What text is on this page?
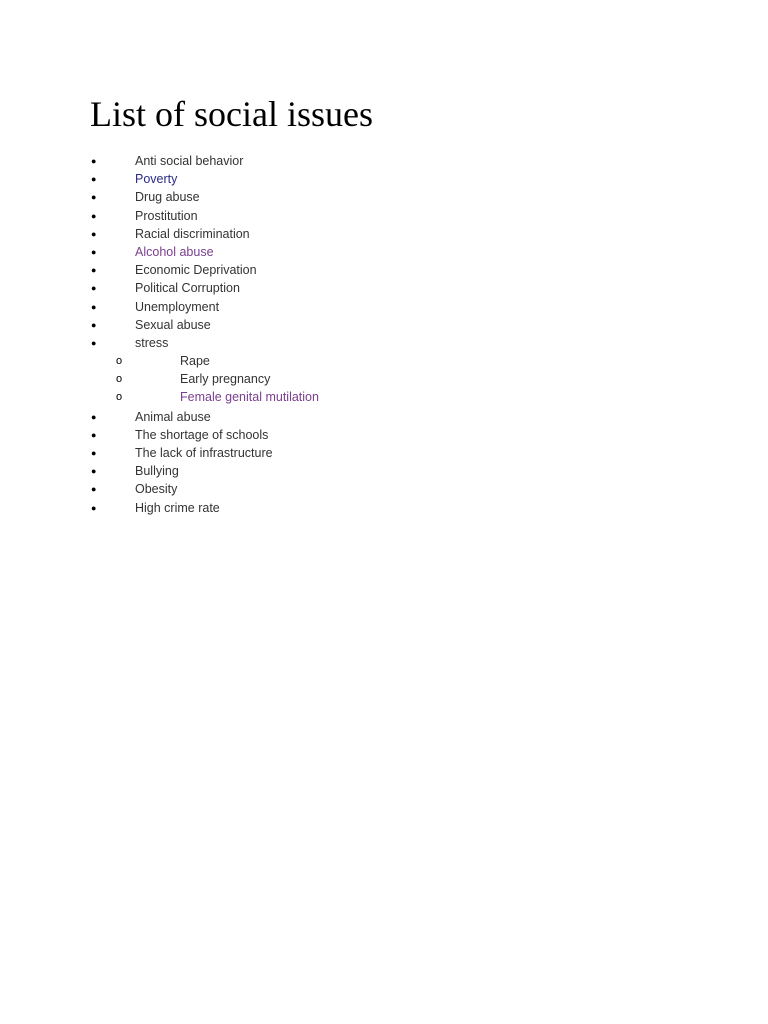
List of social issues
●	Anti social behavior
●	Poverty
●	Drug abuse
●	Prostitution
●	Racial discrimination
●	Alcohol abuse
●	Economic Deprivation
●	Political Corruption
●	Unemployment
●	Sexual abuse
●	stress
o	Rape
o	Early pregnancy
o	Female genital mutilation
●	Animal abuse
●	The shortage of schools
●	The lack of infrastructure
●	Bullying
●	Obesity
●	High crime rate
